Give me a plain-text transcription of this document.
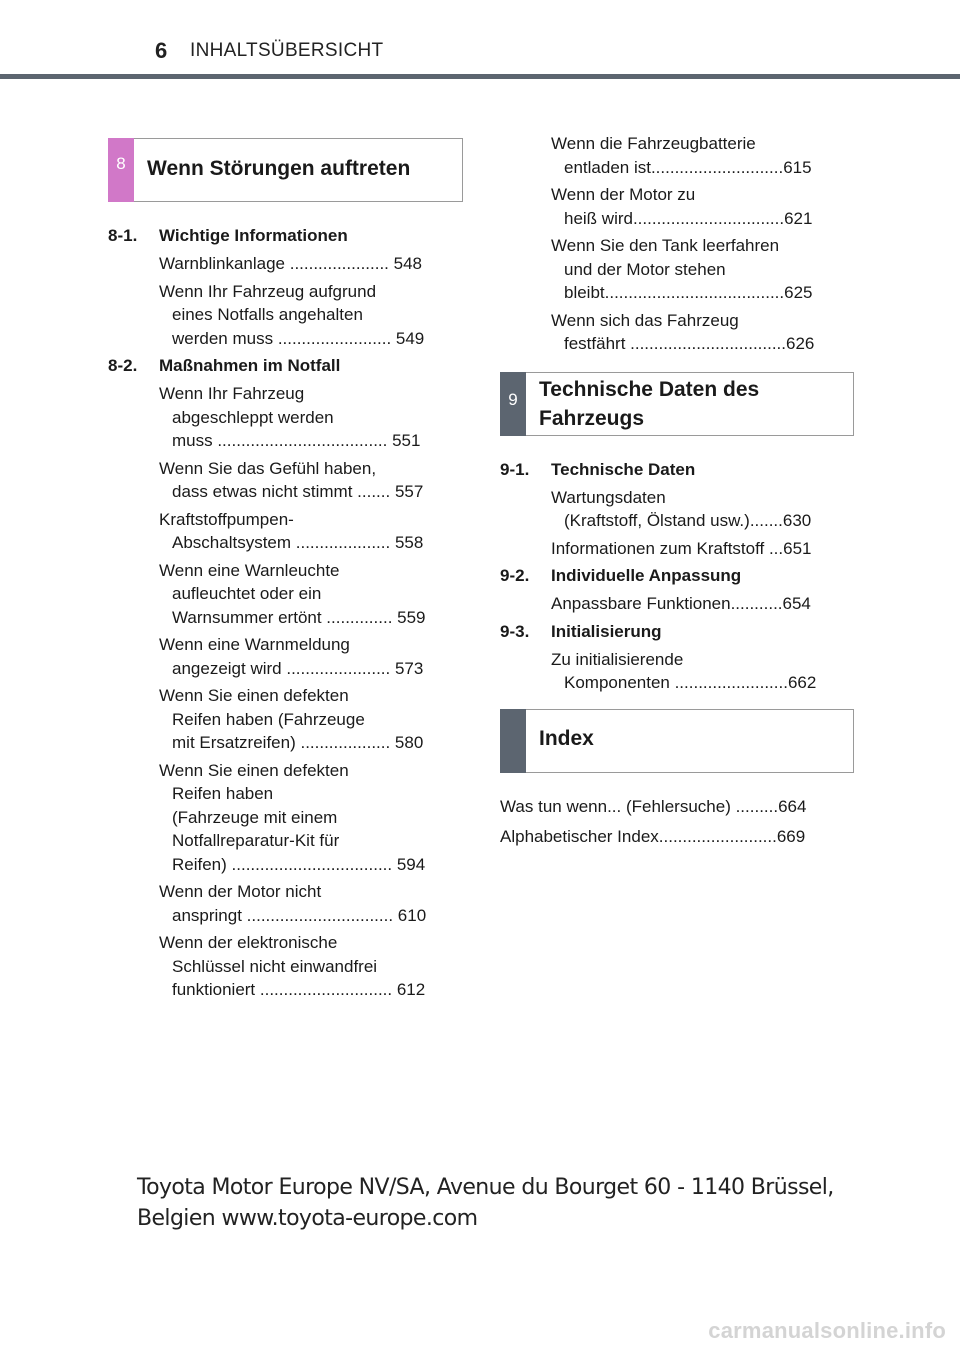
6 INHALTSÜBERSICHT
8	Wenn Störungen auftreten
8-1.	Wichtige Informationen
Warnblinkanlage ..................... 548
Wenn Ihr Fahrzeug aufgrund
eines Notfalls angehalten
werden muss ........................ 549
8-2.	Maßnahmen im Notfall
Wenn Ihr Fahrzeug
abgeschleppt werden
muss .................................... 551
Wenn Sie das Gefühl haben,
dass etwas nicht stimmt ....... 557
Kraftstoffpumpen-
Abschaltsystem .................... 558
Wenn eine Warnleuchte
aufleuchtet oder ein
Warnsummer ertönt .............. 559
Wenn eine Warnmeldung
angezeigt wird ...................... 573
Wenn Sie einen defekten
Reifen haben (Fahrzeuge
mit Ersatzreifen) ................... 580
Wenn Sie einen defekten
Reifen haben
(Fahrzeuge mit einem
Notfallreparatur-Kit für
Reifen) .................................. 594
Wenn der Motor nicht
anspringt ............................... 610
Wenn der elektronische
Schlüssel nicht einwandfrei
funktioniert ............................ 612
Wenn die Fahrzeugbatterie
entladen ist............................615
Wenn der Motor zu
heiß wird................................621
Wenn Sie den Tank leerfahren
und der Motor stehen
bleibt......................................625
Wenn sich das Fahrzeug
festfährt .................................626
9	Technische Daten des
Fahrzeugs
9-1.	Technische Daten
Wartungsdaten
(Kraftstoff, Ölstand usw.).......630
Informationen zum Kraftstoff ...651
9-2.	Individuelle Anpassung
Anpassbare Funktionen...........654
9-3.	Initialisierung
Zu initialisierende
Komponenten ........................662
Index
Was tun wenn... (Fehlersuche) .........664
Alphabetischer Index.........................669
Toyota Motor Europe NV/SA, Avenue du Bourget 60 - 1140 Brüssel,
Belgien www.toyota-europe.com
carmanualsonline.info
